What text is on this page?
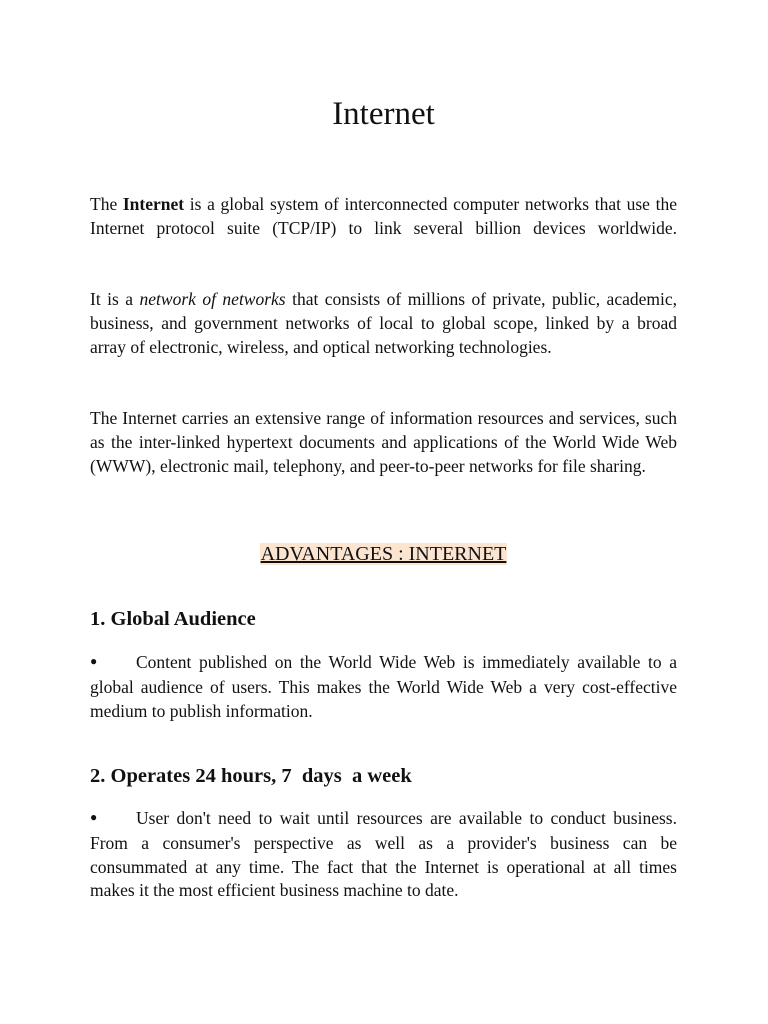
Internet

The Internet is a global system of interconnected computer networks that use the Internet protocol suite (TCP/IP) to link several billion devices worldwide.

It is a network of networks that consists of millions of private, public, academic, business, and government networks of local to global scope, linked by a broad array of electronic, wireless, and optical networking technologies.

The Internet carries an extensive range of information resources and services, such as the inter-linked hypertext documents and applications of the World Wide Web (WWW), electronic mail, telephony, and peer-to-peer networks for file sharing.

ADVANTAGES : INTERNET
1. Global Audience

● Content published on the World Wide Web is immediately available to a global audience of users. This makes the World Wide Web a very cost-effective medium to publish information.

2. Operates 24 hours, 7  days  a week

● User don't need to wait until resources are available to conduct business. From a consumer's perspective as well as a provider's business can be consummated at any time. The fact that the Internet is operational at all times makes it the most efficient business machine to date.
